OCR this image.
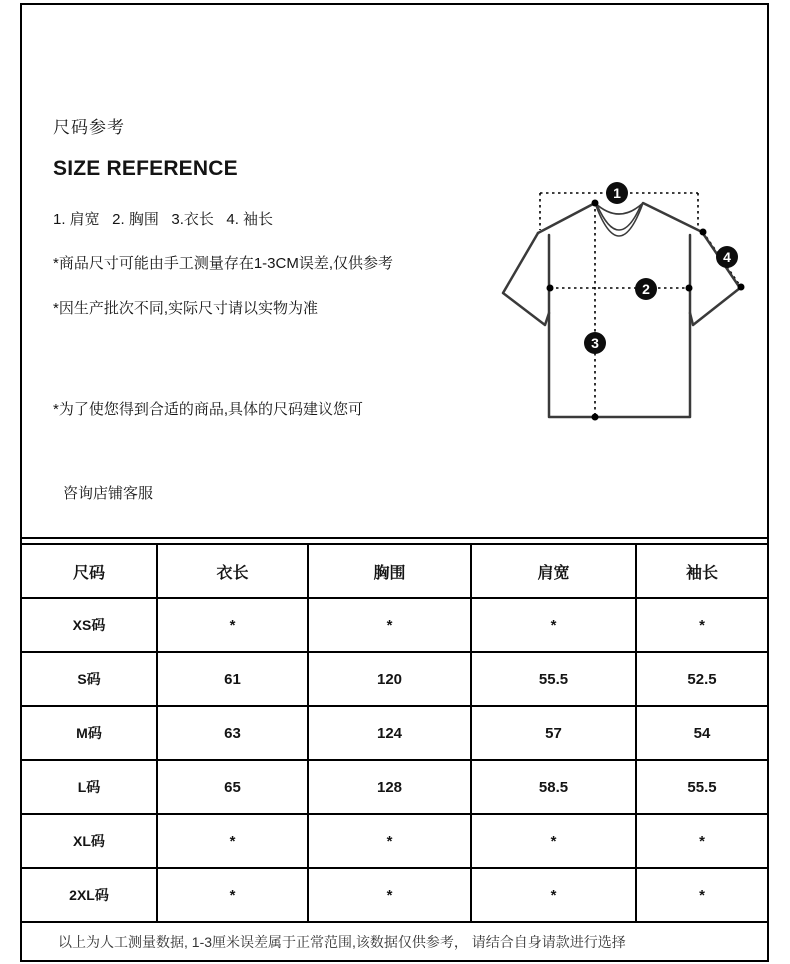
尺码参考
SIZE REFERENCE
1. 肩宽   2. 胸围   3.衣长   4. 袖长
*商品尺寸可能由手工测量存在1-3CM误差,仅供参考
*因生产批次不同,实际尺寸请以实物为准

*为了使您得到合适的商品,具体的尺码建议您可

咨询店铺客服

1
2
3
4
尺码	衣长	胸围	肩宽	袖长
XS码	*	*	*	*
S码	61	120	55.5	52.5
M码	63	124	57	54
L码	65	128	58.5	55.5
XL码	*	*	*	*
2XL码	*	*	*	*
以上为人工测量数据, 1-3厘米误差属于正常范围,该数据仅供参考， 请结合自身请款进行选择
